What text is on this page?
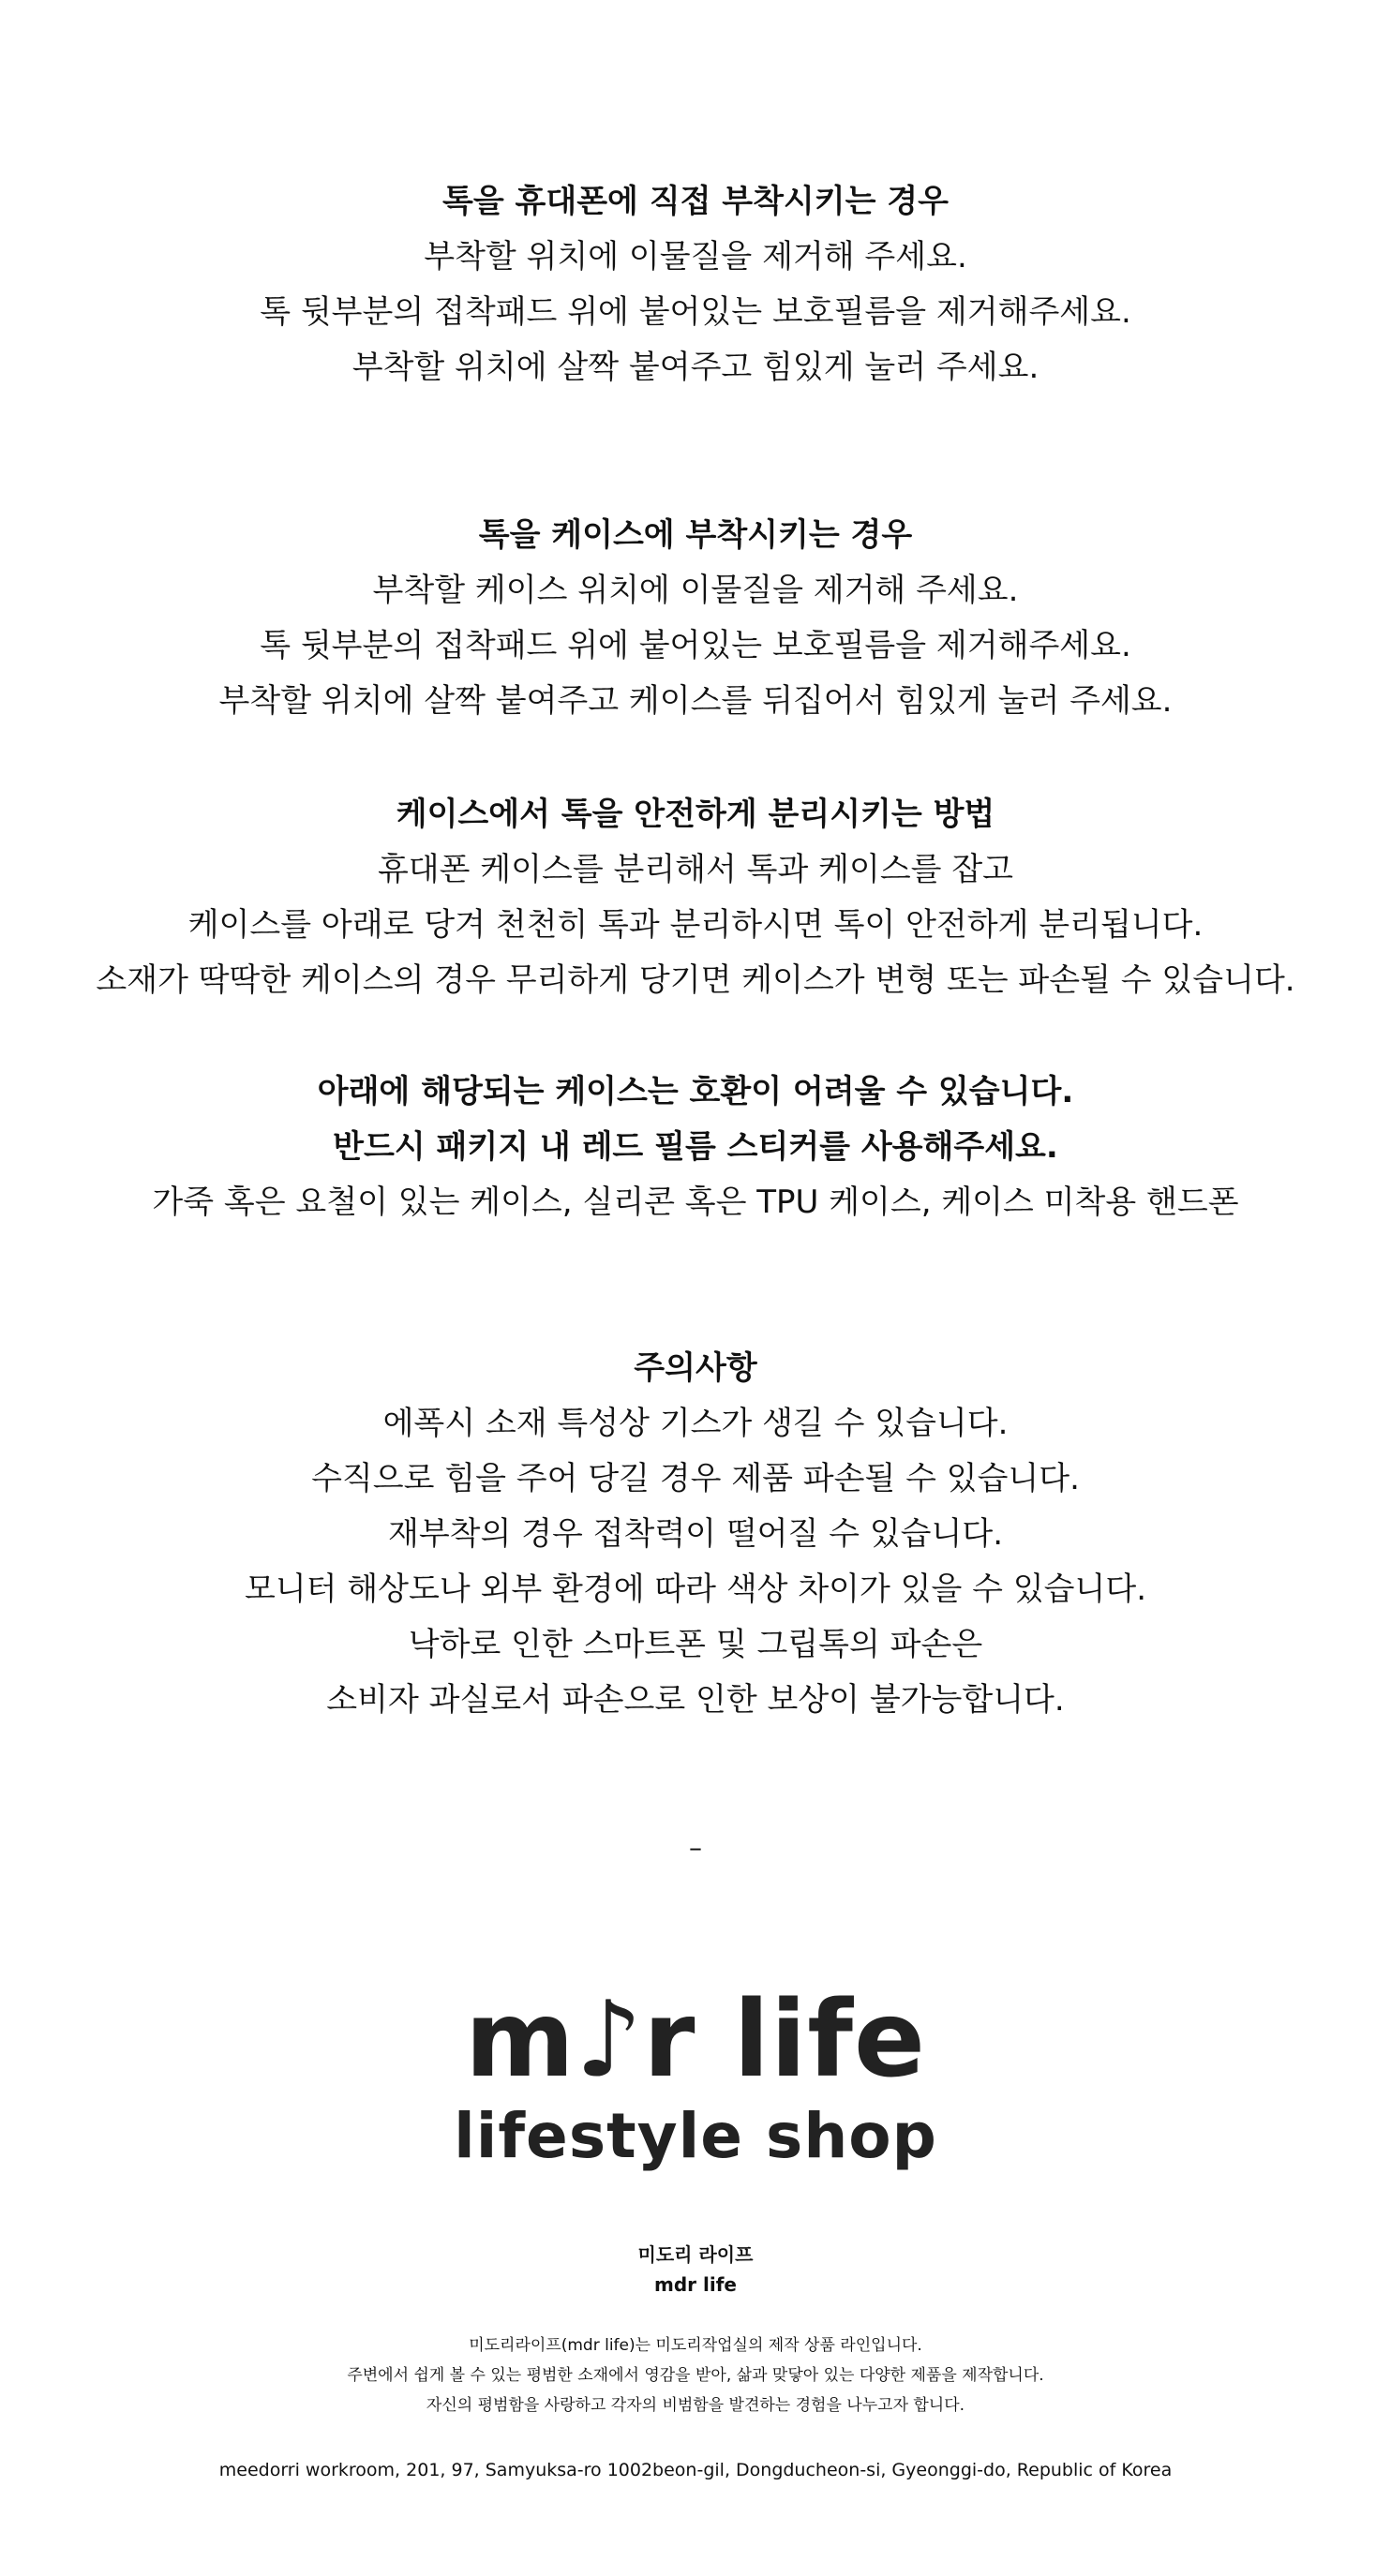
톡을 휴대폰에 직접 부착시키는 경우
부착할 위치에 이물질을 제거해 주세요.
톡 뒷부분의 접착패드 위에 붙어있는 보호필름을 제거해주세요.
부착할 위치에 살짝 붙여주고 힘있게 눌러 주세요.
톡을 케이스에 부착시키는 경우
부착할 케이스 위치에 이물질을 제거해 주세요.
톡 뒷부분의 접착패드 위에 붙어있는 보호필름을 제거해주세요.
부착할 위치에 살짝 붙여주고 케이스를 뒤집어서 힘있게 눌러 주세요.
케이스에서 톡을 안전하게 분리시키는 방법
휴대폰 케이스를 분리해서 톡과 케이스를 잡고
케이스를 아래로 당겨 천천히 톡과 분리하시면 톡이 안전하게 분리됩니다.
소재가 딱딱한 케이스의 경우 무리하게 당기면 케이스가 변형 또는 파손될 수 있습니다.
아래에 해당되는 케이스는 호환이 어려울 수 있습니다.
반드시 패키지 내 레드 필름 스티커를 사용해주세요.
가죽 혹은 요철이 있는 케이스, 실리콘 혹은 TPU 케이스, 케이스 미착용 핸드폰
주의사항
에폭시 소재 특성상 기스가 생길 수 있습니다.
수직으로 힘을 주어 당길 경우 제품 파손될 수 있습니다.
재부착의 경우 접착력이 떨어질 수 있습니다.
모니터 해상도나 외부 환경에 따라 색상 차이가 있을 수 있습니다.
낙하로 인한 스마트폰 및 그립톡의 파손은
소비자 과실로서 파손으로 인한 보상이 불가능합니다.
–
m♪r life
lifestyle shop
미도리 라이프
mdr life
미도리라이프(mdr life)는 미도리작업실의 제작 상품 라인입니다.
주변에서 쉽게 볼 수 있는 평범한 소재에서 영감을 받아, 삶과 맞닿아 있는 다양한 제품을 제작합니다.
자신의 평범함을 사랑하고 각자의 비범함을 발견하는 경험을 나누고자 합니다.
meedorri workroom, 201, 97, Samyuksa-ro 1002beon-gil, Dongducheon-si, Gyeonggi-do, Republic of Korea
